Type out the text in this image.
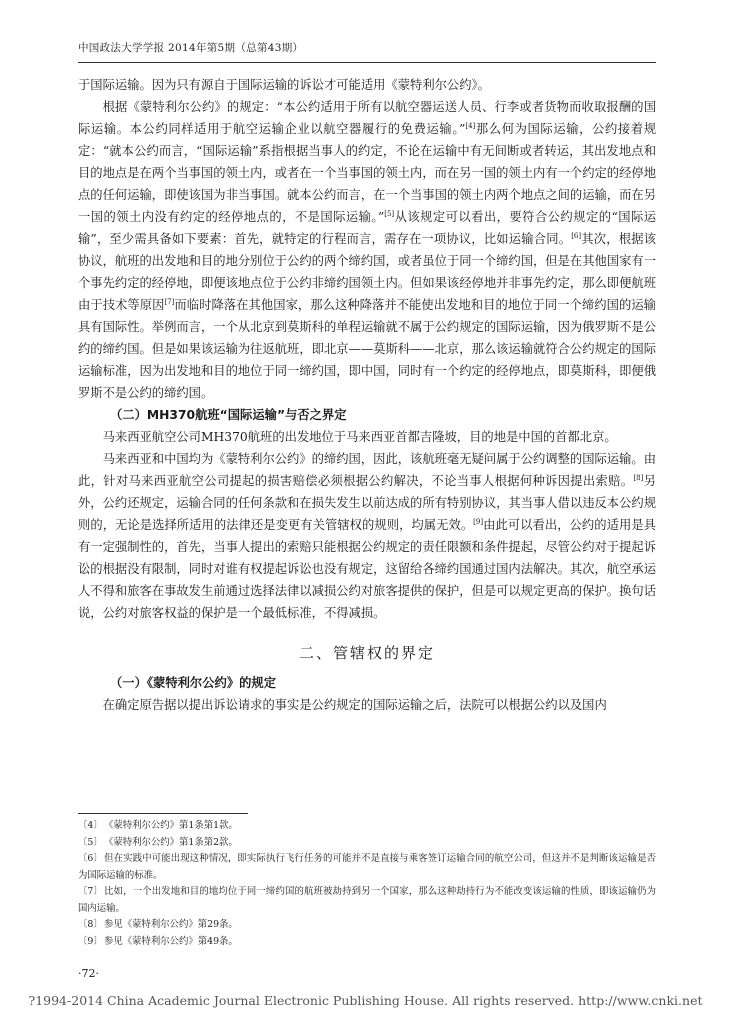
中国政法大学学报 2014年第5期（总第43期）

于国际运输。因为只有源自于国际运输的诉讼才可能适用《蒙特利尔公约》。

根据《蒙特利尔公约》的规定：“本公约适用于所有以航空器运送人员、行李或者货物而收取报酬的国际运输。本公约同样适用于航空运输企业以航空器履行的免费运输。”[4]那么何为国际运输，公约接着规定：“就本公约而言，“国际运输”系指根据当事人的约定，不论在运输中有无间断或者转运，其出发地点和目的地点是在两个当事国的领土内，或者在一个当事国的领土内，而在另一国的领土内有一个约定的经停地点的任何运输，即使该国为非当事国。就本公约而言，在一个当事国的领土内两个地点之间的运输，而在另一国的领土内没有约定的经停地点的，不是国际运输。”[5]从该规定可以看出，要符合公约规定的“国际运输”，至少需具备如下要素：首先，就特定的行程而言，需存在一项协议，比如运输合同。[6]其次，根据该协议，航班的出发地和目的地分别位于公约的两个缔约国，或者虽位于同一个缔约国，但是在其他国家有一个事先约定的经停地，即便该地点位于公约非缔约国领土内。但如果该经停地并非事先约定，那么即便航班由于技术等原因[7]而临时降落在其他国家，那么这种降落并不能使出发地和目的地位于同一个缔约国的运输具有国际性。举例而言，一个从北京到莫斯科的单程运输就不属于公约规定的国际运输，因为俄罗斯不是公约的缔约国。但是如果该运输为往返航班，即北京——莫斯科——北京，那么该运输就符合公约规定的国际运输标准，因为出发地和目的地位于同一缔约国，即中国，同时有一个约定的经停地点，即莫斯科，即便俄罗斯不是公约的缔约国。

（二）MH370航班“国际运输”与否之界定

马来西亚航空公司MH370航班的出发地位于马来西亚首都吉隆坡，目的地是中国的首都北京。

马来西亚和中国均为《蒙特利尔公约》的缔约国，因此，该航班毫无疑问属于公约调整的国际运输。由此，针对马来西亚航空公司提起的损害赔偿必须根据公约解决，不论当事人根据何种诉因提出索赔。[8]另外，公约还规定，运输合同的任何条款和在损失发生以前达成的所有特别协议，其当事人借以违反本公约规则的，无论是选择所适用的法律还是变更有关管辖权的规则，均属无效。[9]由此可以看出，公约的适用是具有一定强制性的，首先，当事人提出的索赔只能根据公约规定的责任限额和条件提起，尽管公约对于提起诉讼的根据没有限制，同时对谁有权提起诉讼也没有规定，这留给各缔约国通过国内法解决。其次，航空承运人不得和旅客在事故发生前通过选择法律以减损公约对旅客提供的保护，但是可以规定更高的保护。换句话说，公约对旅客权益的保护是一个最低标准，不得减损。

二、管辖权的界定

（一）《蒙特利尔公约》的规定

在确定原告据以提出诉讼请求的事实是公约规定的国际运输之后，法院可以根据公约以及国内

〔4〕《蒙特利尔公约》第1条第1款。

〔5〕《蒙特利尔公约》第1条第2款。

〔6〕但在实践中可能出现这种情况，即实际执行飞行任务的可能并不是直接与乘客签订运输合同的航空公司，但这并不是判断该运输是否为国际运输的标准。

〔7〕比如，一个出发地和目的地均位于同一缔约国的航班被劫持到另一个国家，那么这种劫持行为不能改变该运输的性质，即该运输仍为国内运输。

〔8〕参见《蒙特利尔公约》第29条。

〔9〕参见《蒙特利尔公约》第49条。

·72·
?1994-2014 China Academic Journal Electronic Publishing House. All rights reserved. http://www.cnki.net
